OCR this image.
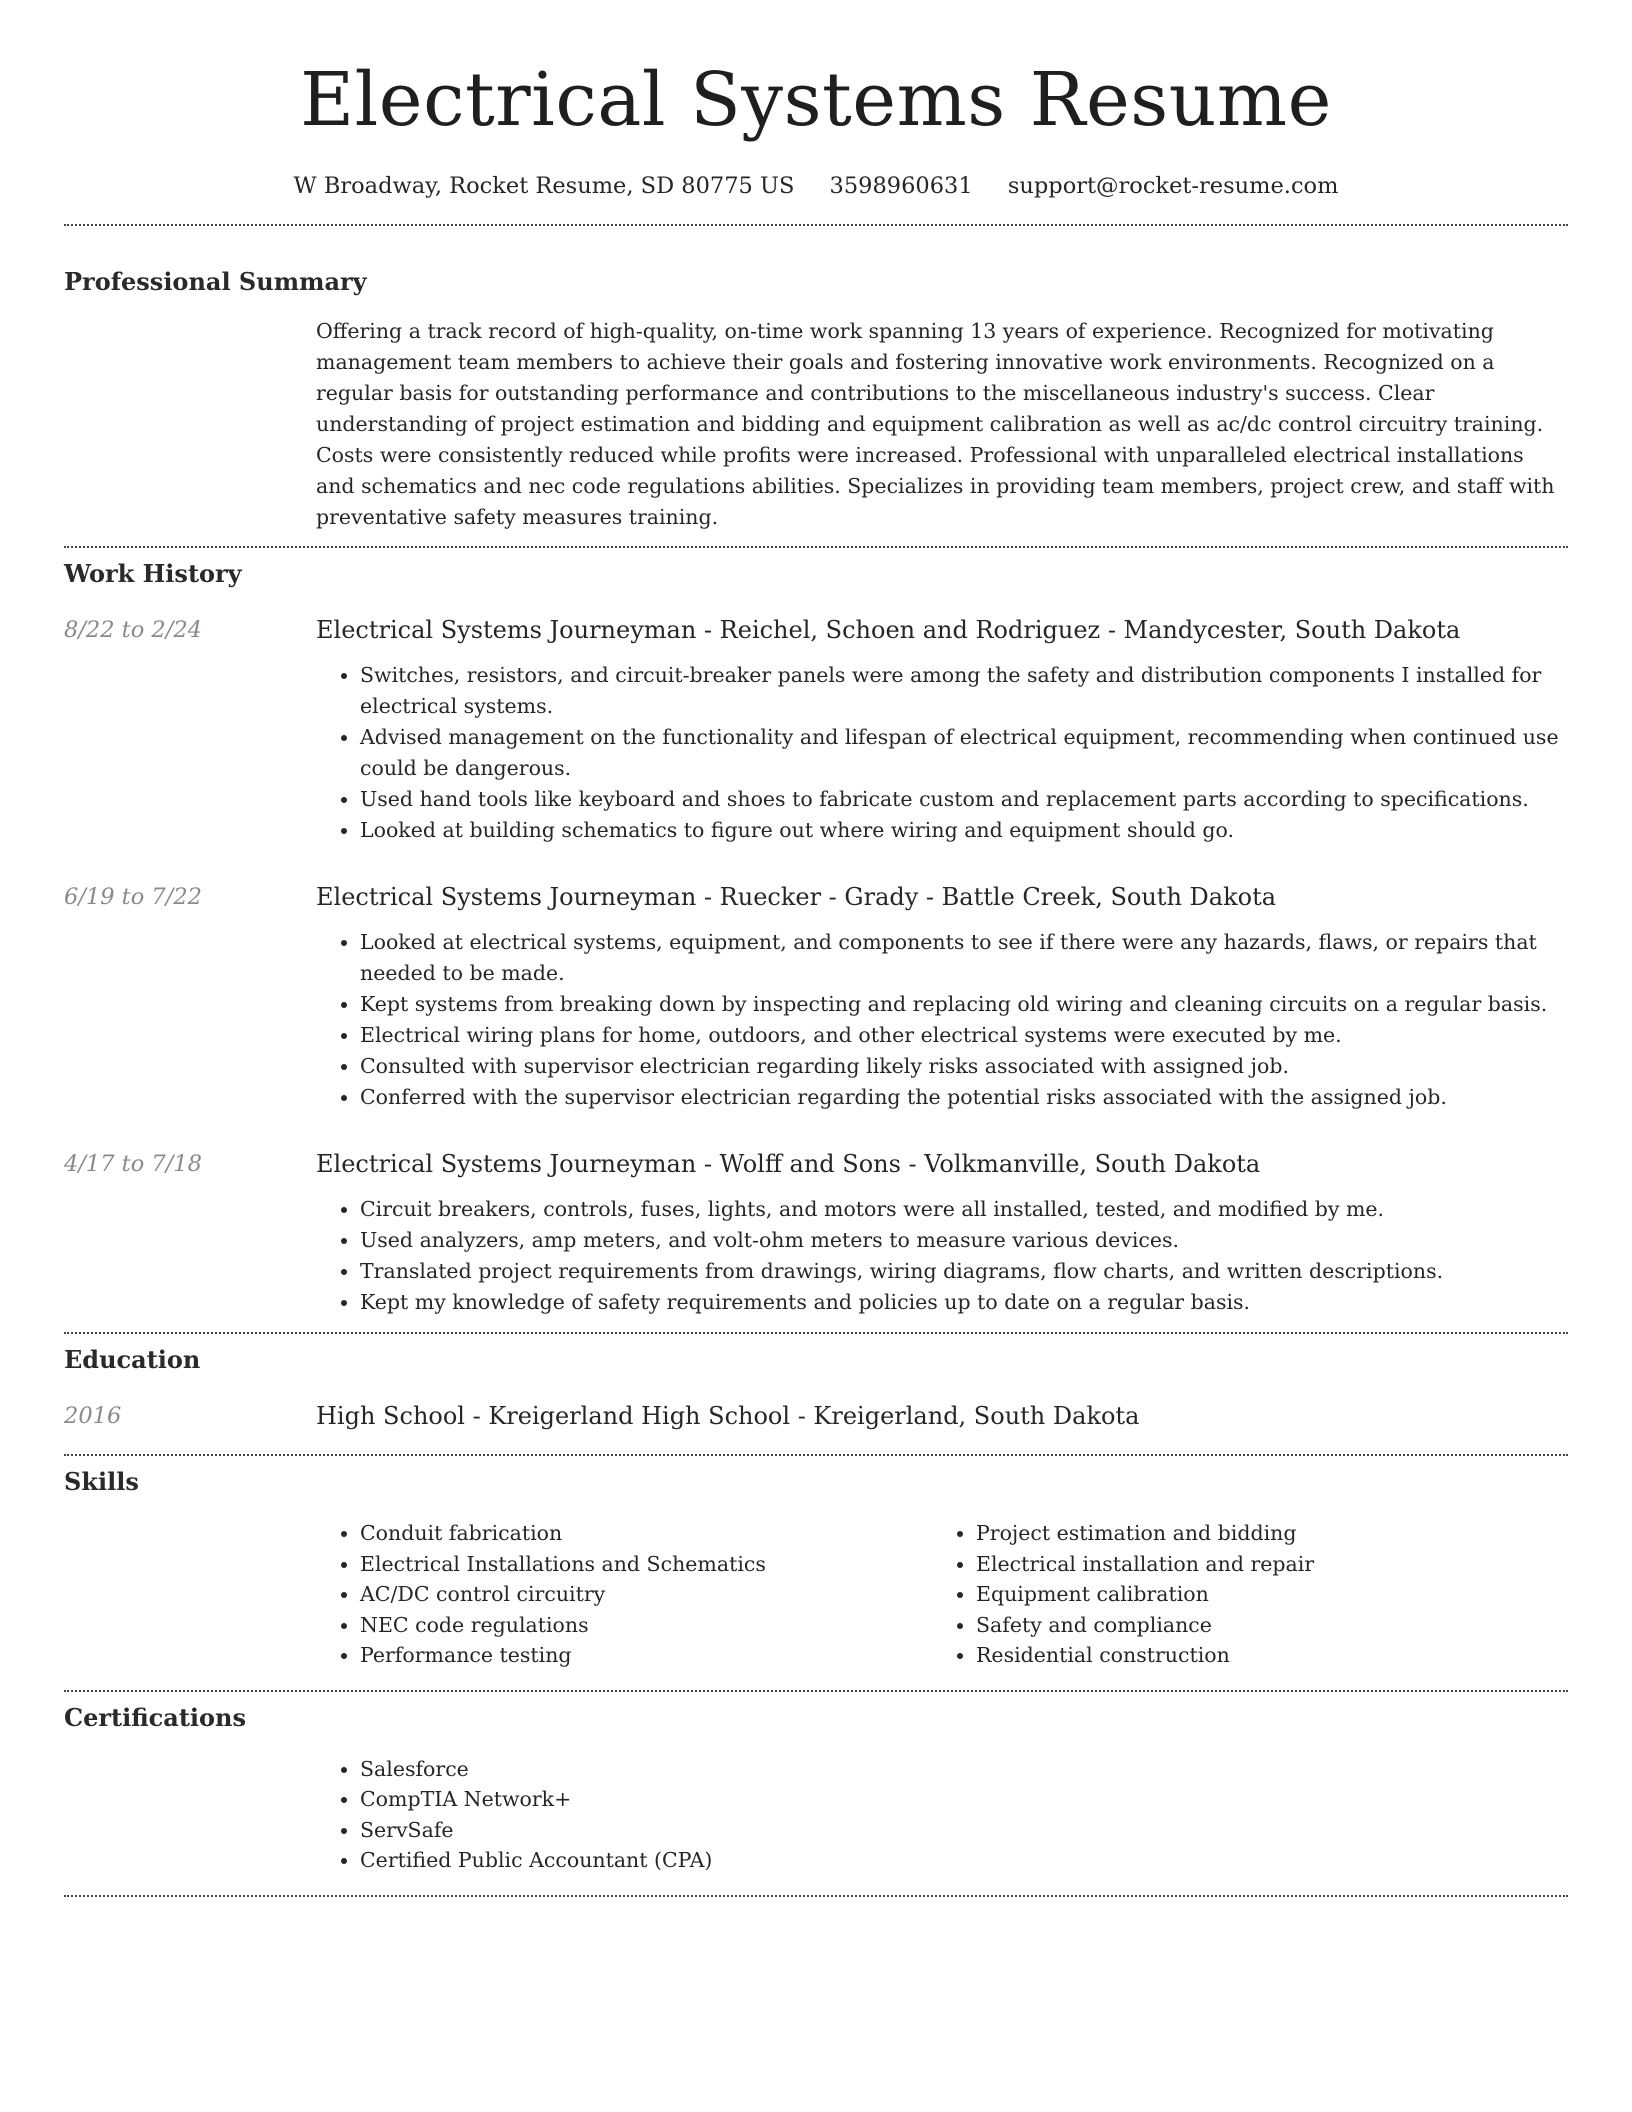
Electrical Systems Resume
W Broadway, Rocket Resume, SD 80775 US 3598960631 support@rocket-resume.com
Professional Summary

Offering a track record of high-quality, on-time work spanning 13 years of experience. Recognized for motivating management team members to achieve their goals and fostering innovative work environments. Recognized on a regular basis for outstanding performance and contributions to the miscellaneous industry's success. Clear understanding of project estimation and bidding and equipment calibration as well as ac/dc control circuitry training. Costs were consistently reduced while profits were increased. Professional with unparalleled electrical installations and schematics and nec code regulations abilities. Specializes in providing team members, project crew, and staff with preventative safety measures training.

Work History
8/22 to 2/24	Electrical Systems Journeyman - Reichel, Schoen and Rodriguez - Mandycester, South Dakota
• Switches, resistors, and circuit-breaker panels were among the safety and distribution components I installed for electrical systems.
• Advised management on the functionality and lifespan of electrical equipment, recommending when continued use could be dangerous.
• Used hand tools like keyboard and shoes to fabricate custom and replacement parts according to specifications.
• Looked at building schematics to figure out where wiring and equipment should go.
6/19 to 7/22	Electrical Systems Journeyman - Ruecker - Grady - Battle Creek, South Dakota
• Looked at electrical systems, equipment, and components to see if there were any hazards, flaws, or repairs that needed to be made.
• Kept systems from breaking down by inspecting and replacing old wiring and cleaning circuits on a regular basis.
• Electrical wiring plans for home, outdoors, and other electrical systems were executed by me.
• Consulted with supervisor electrician regarding likely risks associated with assigned job.
• Conferred with the supervisor electrician regarding the potential risks associated with the assigned job.
4/17 to 7/18	Electrical Systems Journeyman - Wolff and Sons - Volkmanville, South Dakota
• Circuit breakers, controls, fuses, lights, and motors were all installed, tested, and modified by me.
• Used analyzers, amp meters, and volt-ohm meters to measure various devices.
• Translated project requirements from drawings, wiring diagrams, flow charts, and written descriptions.
• Kept my knowledge of safety requirements and policies up to date on a regular basis.
Education
2016	High School - Kreigerland High School - Kreigerland, South Dakota
Skills
• Conduit fabrication
• Electrical Installations and Schematics
• AC/DC control circuitry
• NEC code regulations
• Performance testing
• Project estimation and bidding
• Electrical installation and repair
• Equipment calibration
• Safety and compliance
• Residential construction
Certifications
• Salesforce
• CompTIA Network+
• ServSafe
• Certified Public Accountant (CPA)
